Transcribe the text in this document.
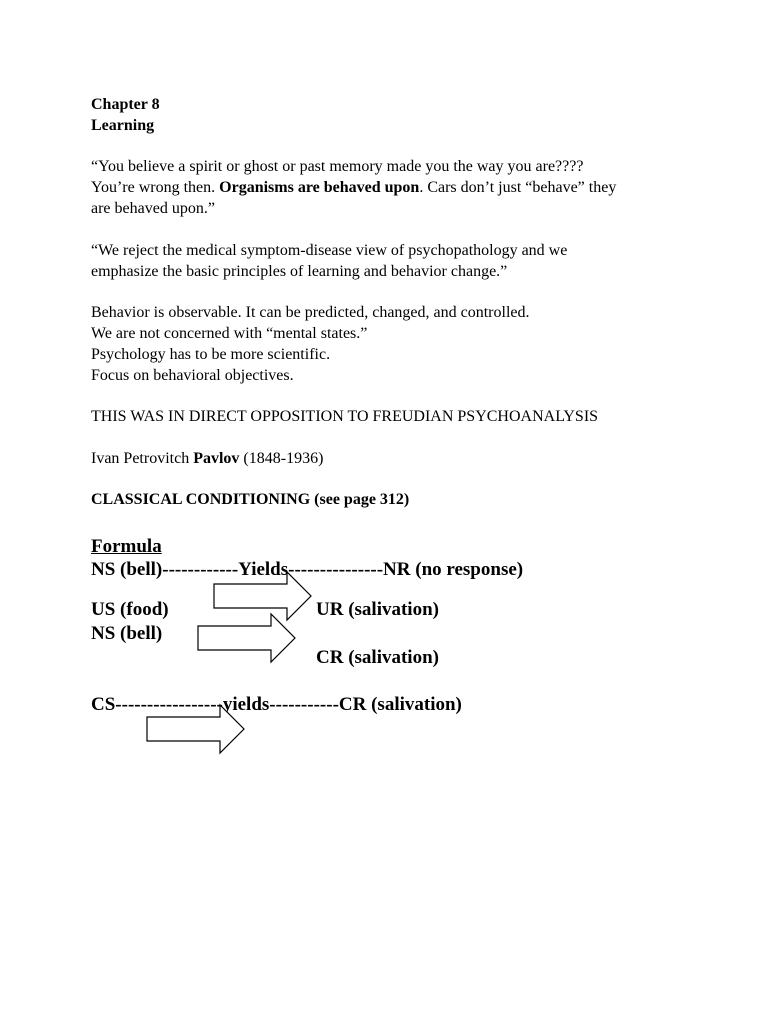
Chapter 8
Learning
“You believe a spirit or ghost or past memory made you the way you are????
You’re wrong then. Organisms are behaved upon. Cars don’t just “behave” they
are behaved upon.”
“We reject the medical symptom-disease view of psychopathology and we
emphasize the basic principles of learning and behavior change.”
Behavior is observable. It can be predicted, changed, and controlled.
We are not concerned with “mental states.”
Psychology has to be more scientific.
Focus on behavioral objectives.
THIS WAS IN DIRECT OPPOSITION TO FREUDIAN PSYCHOANALYSIS
Ivan Petrovitch Pavlov (1848-1936)
CLASSICAL CONDITIONING (see page 312)
Formula
NS (bell)------------Yields---------------NR (no response)
US (food)	UR (salivation)
NS (bell)
CR (salivation)
CS-----------------yields-----------CR (salivation)
